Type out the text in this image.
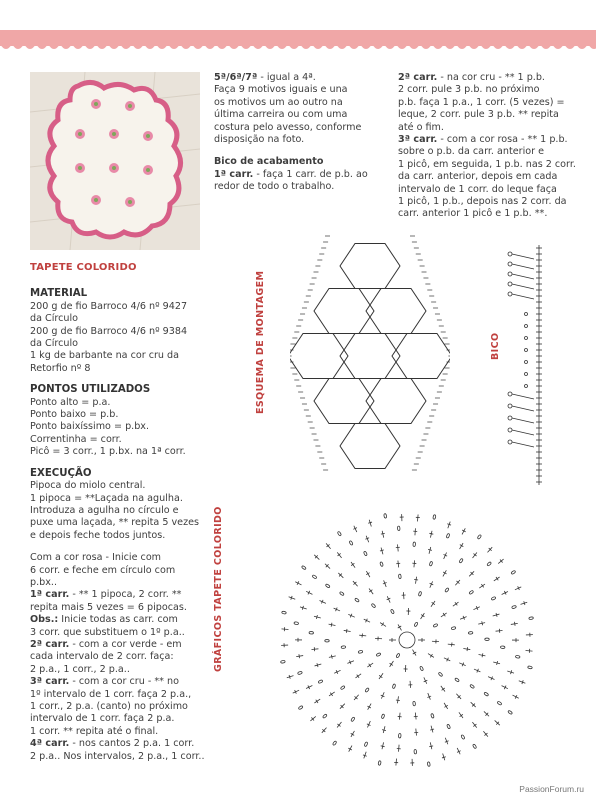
TAPETE COLORIDO

MATERIAL

200 g de fio Barroco 4/6 nº 9427

da Círculo

200 g de fio Barroco 4/6 nº 9384

da Círculo

1 kg de barbante na cor cru da

Retorfio nº 8

PONTOS UTILIZADOS

Ponto alto = p.a.

Ponto baixo = p.b.

Ponto baixíssimo = p.bx.

Correntinha = corr.

Picô = 3 corr., 1 p.bx. na 1ª corr.

EXECUÇÃO

Pipoca do miolo central.

1 pipoca = **Laçada na agulha.

Introduza a agulha no círculo e

puxe uma laçada, ** repita 5 vezes

e depois feche todos juntos.

Com a cor rosa - Inicie com

6 corr. e feche em círculo com

p.bx..

1ª carr. - ** 1 pipoca, 2 corr. **

repita mais 5 vezes = 6 pipocas.

Obs.: Inicie todas as carr. com

3 corr. que substituem o 1º p.a..

2ª carr. - com a cor verde - em

cada intervalo de 2 corr. faça:

2 p.a., 1 corr., 2 p.a..

3ª carr. - com a cor cru - ** no

1º intervalo de 1 corr. faça 2 p.a.,

1 corr., 2 p.a. (canto) no próximo

intervalo de 1 corr. faça 2 p.a.

1 corr. ** repita até o final.

4ª carr. - nos cantos 2 p.a. 1 corr.

2 p.a.. Nos intervalos, 2 p.a., 1 corr..

5ª/6ª/7ª - igual a 4ª.

Faça 9 motivos iguais e una

os motivos um ao outro na

última carreira ou com uma

costura pelo avesso, conforme

disposição na foto.

Bico de acabamento

1ª carr. - faça 1 carr. de p.b. ao

redor de todo o trabalho.

2ª carr. - na cor cru - ** 1 p.b.

2 corr. pule 3 p.b. no próximo

p.b. faça 1 p.a., 1 corr. (5 vezes) =

leque, 2 corr. pule 3 p.b. ** repita

até o fim.

3ª carr. - com a cor rosa - ** 1 p.b.

sobre o p.b. da carr. anterior e

1 picô, em seguida, 1 p.b. nas 2 corr.

da carr. anterior, depois em cada

intervalo de 1 corr. do leque faça

1 picô, 1 p.b., depois nas 2 corr. da

carr. anterior 1 picô e 1 p.b. **.

ESQUEMA DE MONTAGEM	BICO
GRÁFICOS TAPETE COLORIDO
PassionForum.ru
